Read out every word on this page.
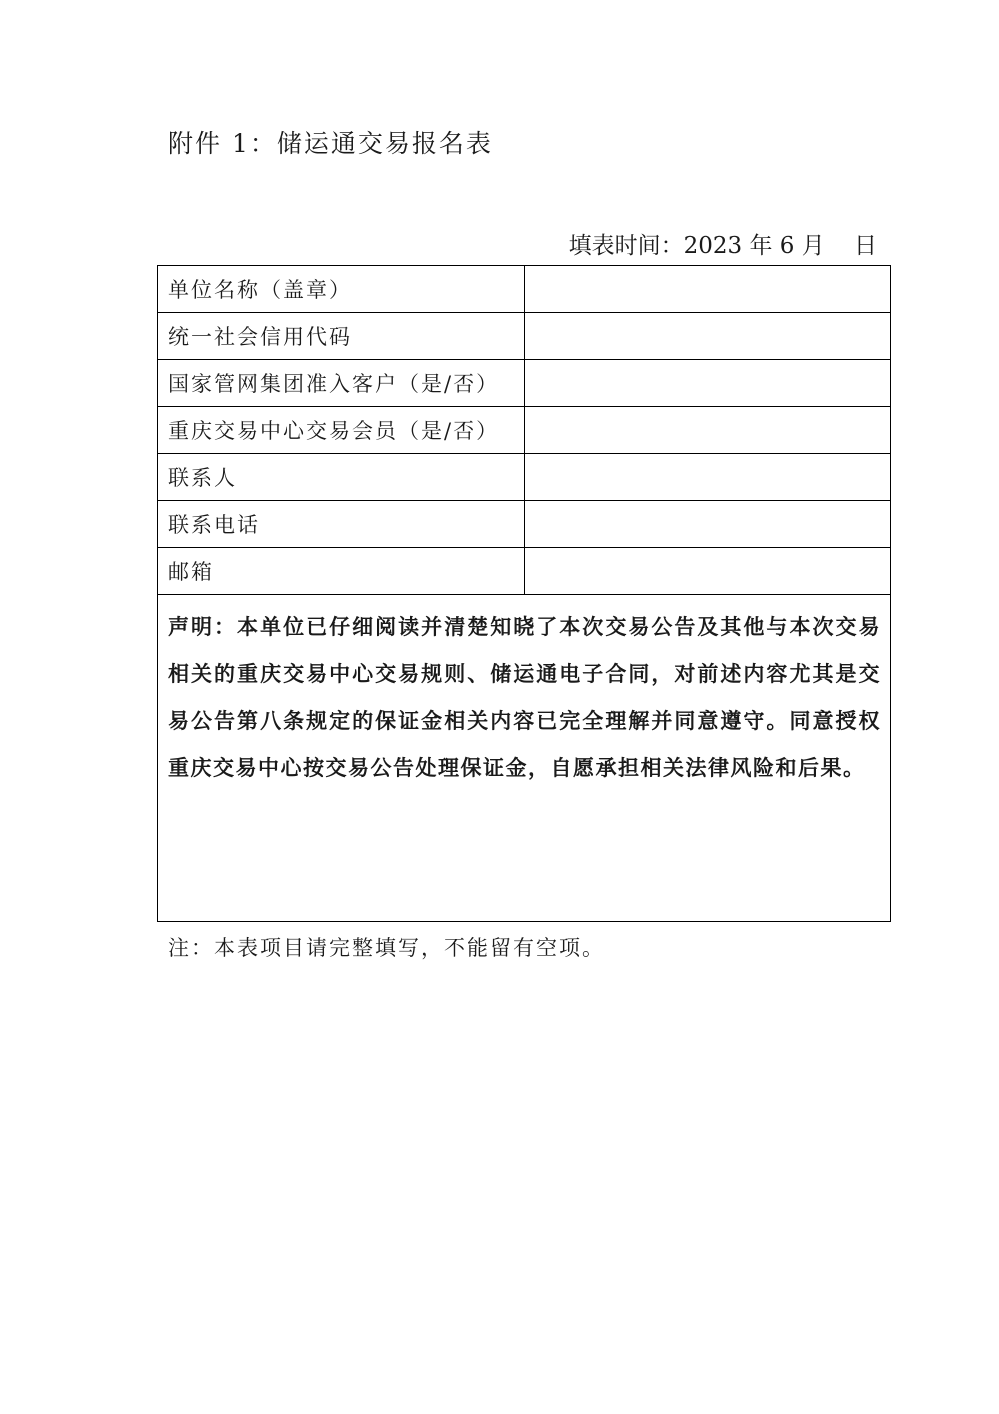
附件 1：储运通交易报名表
填表时间：2023 年 6 月    日
单位名称（盖章）	
统一社会信用代码	
国家管网集团准入客户（是/否）	
重庆交易中心交易会员（是/否）	
联系人	
联系电话	
邮箱	

声明：本单位已仔细阅读并清楚知晓了本次交易公告及其他与本次交易相关的重庆交易中心交易规则、储运通电子合同，对前述内容尤其是交易公告第八条规定的保证金相关内容已完全理解并同意遵守。同意授权重庆交易中心按交易公告处理保证金，自愿承担相关法律风险和后果。	
注：本表项目请完整填写，不能留有空项。
